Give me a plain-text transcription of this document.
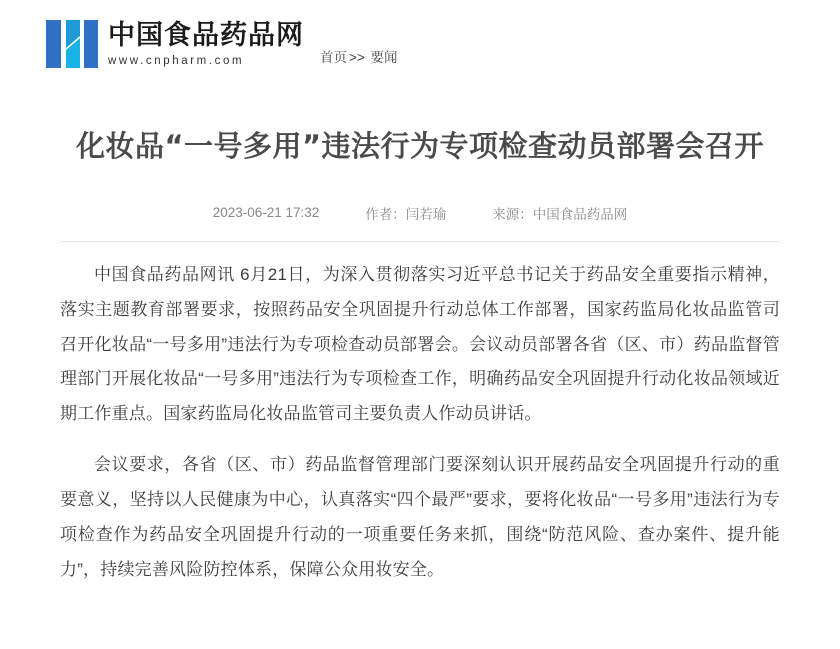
中国食品药品网
www.cnpharm.com	首页 >> 要闻
化妆品“一号多用”违法行为专项检查动员部署会召开
2023-06-21 17:32	作者：闫若瑜	来源：中国食品药品网

中国食品药品网讯 6月21日，为深入贯彻落实习近平总书记关于药品安全重要指示精神，落实主题教育部署要求，按照药品安全巩固提升行动总体工作部署，国家药监局化妆品监管司召开化妆品“一号多用”违法行为专项检查动员部署会。会议动员部署各省（区、市）药品监督管理部门开展化妆品“一号多用”违法行为专项检查工作，明确药品安全巩固提升行动化妆品领域近期工作重点。国家药监局化妆品监管司主要负责人作动员讲话。

会议要求，各省（区、市）药品监督管理部门要深刻认识开展药品安全巩固提升行动的重要意义，坚持以人民健康为中心，认真落实“四个最严”要求，要将化妆品“一号多用”违法行为专项检查作为药品安全巩固提升行动的一项重要任务来抓，围绕“防范风险、查办案件、提升能力”，持续完善风险防控体系，保障公众用妆安全。
